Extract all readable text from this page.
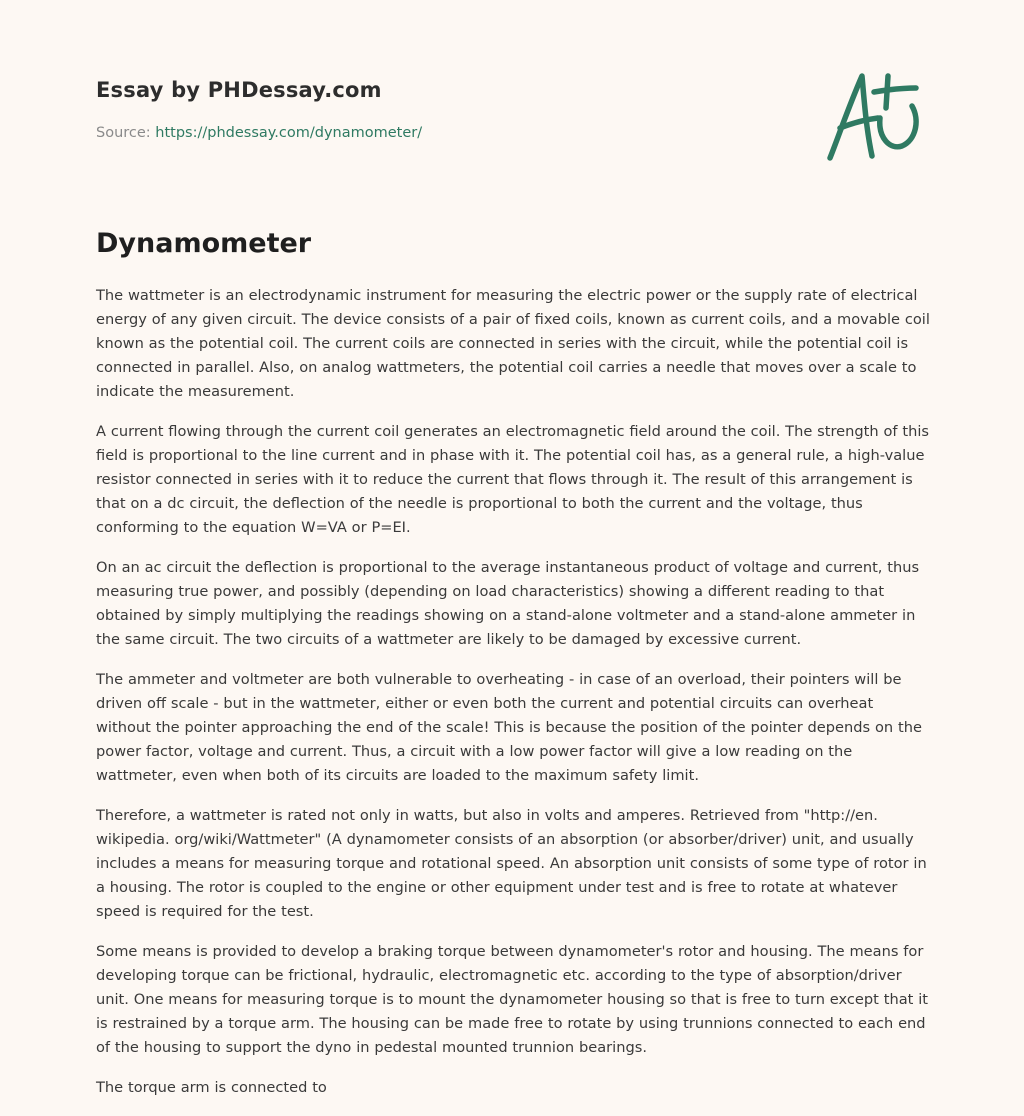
Essay by PHDessay.com
Source: https://phdessay.com/dynamometer/
Dynamometer

The wattmeter is an electrodynamic instrument for measuring the electric power or the supply rate of electrical energy of any given circuit. The device consists of a pair of fixed coils, known as current coils, and a movable coil known as the potential coil. The current coils are connected in series with the circuit, while the potential coil is connected in parallel. Also, on analog wattmeters, the potential coil carries a needle that moves over a scale to indicate the measurement.

A current flowing through the current coil generates an electromagnetic field around the coil. The strength of this field is proportional to the line current and in phase with it. The potential coil has, as a general rule, a high-value resistor connected in series with it to reduce the current that flows through it. The result of this arrangement is that on a dc circuit, the deflection of the needle is proportional to both the current and the voltage, thus conforming to the equation W=VA or P=EI.

On an ac circuit the deflection is proportional to the average instantaneous product of voltage and current, thus measuring true power, and possibly (depending on load characteristics) showing a different reading to that obtained by simply multiplying the readings showing on a stand-alone voltmeter and a stand-alone ammeter in the same circuit. The two circuits of a wattmeter are likely to be damaged by excessive current.

The ammeter and voltmeter are both vulnerable to overheating - in case of an overload, their pointers will be driven off scale - but in the wattmeter, either or even both the current and potential circuits can overheat without the pointer approaching the end of the scale! This is because the position of the pointer depends on the power factor, voltage and current. Thus, a circuit with a low power factor will give a low reading on the wattmeter, even when both of its circuits are loaded to the maximum safety limit.

Therefore, a wattmeter is rated not only in watts, but also in volts and amperes. Retrieved from "http://en. wikipedia. org/wiki/Wattmeter" (A dynamometer consists of an absorption (or absorber/driver) unit, and usually includes a means for measuring torque and rotational speed. An absorption unit consists of some type of rotor in a housing. The rotor is coupled to the engine or other equipment under test and is free to rotate at whatever speed is required for the test.

Some means is provided to develop a braking torque between dynamometer's rotor and housing. The means for developing torque can be frictional, hydraulic, electromagnetic etc. according to the type of absorption/driver unit. One means for measuring torque is to mount the dynamometer housing so that is free to turn except that it is restrained by a torque arm. The housing can be made free to rotate by using trunnions connected to each end of the housing to support the dyno in pedestal mounted trunnion bearings.

The torque arm is connected to
